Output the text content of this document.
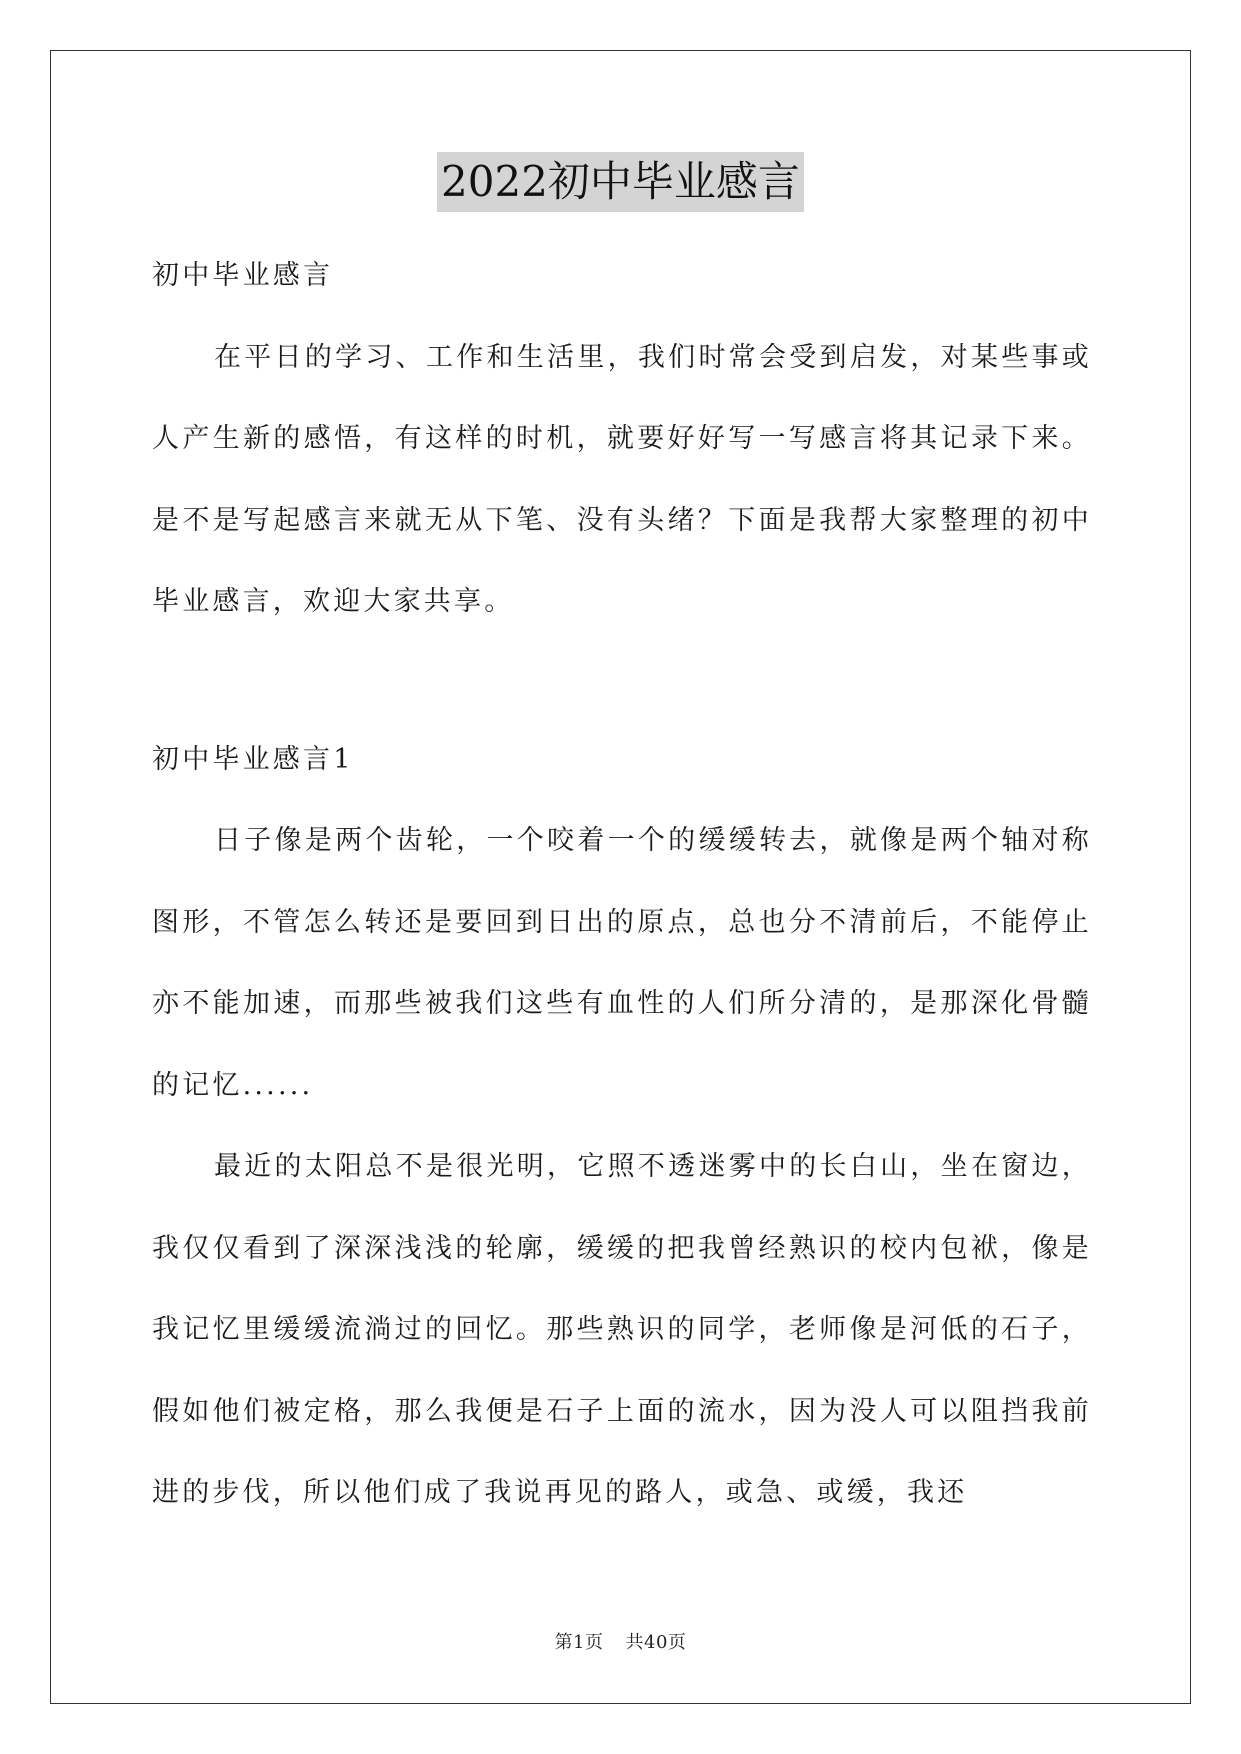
2022初中毕业感言

初中毕业感言

在平日的学习、工作和生活里，我们时常会受到启发，对某些事或人产生新的感悟，有这样的时机，就要好好写一写感言将其记录下来。是不是写起感言来就无从下笔、没有头绪？下面是我帮大家整理的初中毕业感言，欢迎大家共享。

初中毕业感言1

日子像是两个齿轮，一个咬着一个的缓缓转去，就像是两个轴对称图形，不管怎么转还是要回到日出的原点，总也分不清前后，不能停止亦不能加速，而那些被我们这些有血性的人们所分清的，是那深化骨髓的记忆......

最近的太阳总不是很光明，它照不透迷雾中的长白山，坐在窗边，我仅仅看到了深深浅浅的轮廓，缓缓的把我曾经熟识的校内包袱，像是我记忆里缓缓流淌过的回忆。那些熟识的同学，老师像是河低的石子，假如他们被定格，那么我便是石子上面的流水，因为没人可以阻挡我前进的步伐，所以他们成了我说再见的路人，或急、或缓，我还

第1页 共40页
